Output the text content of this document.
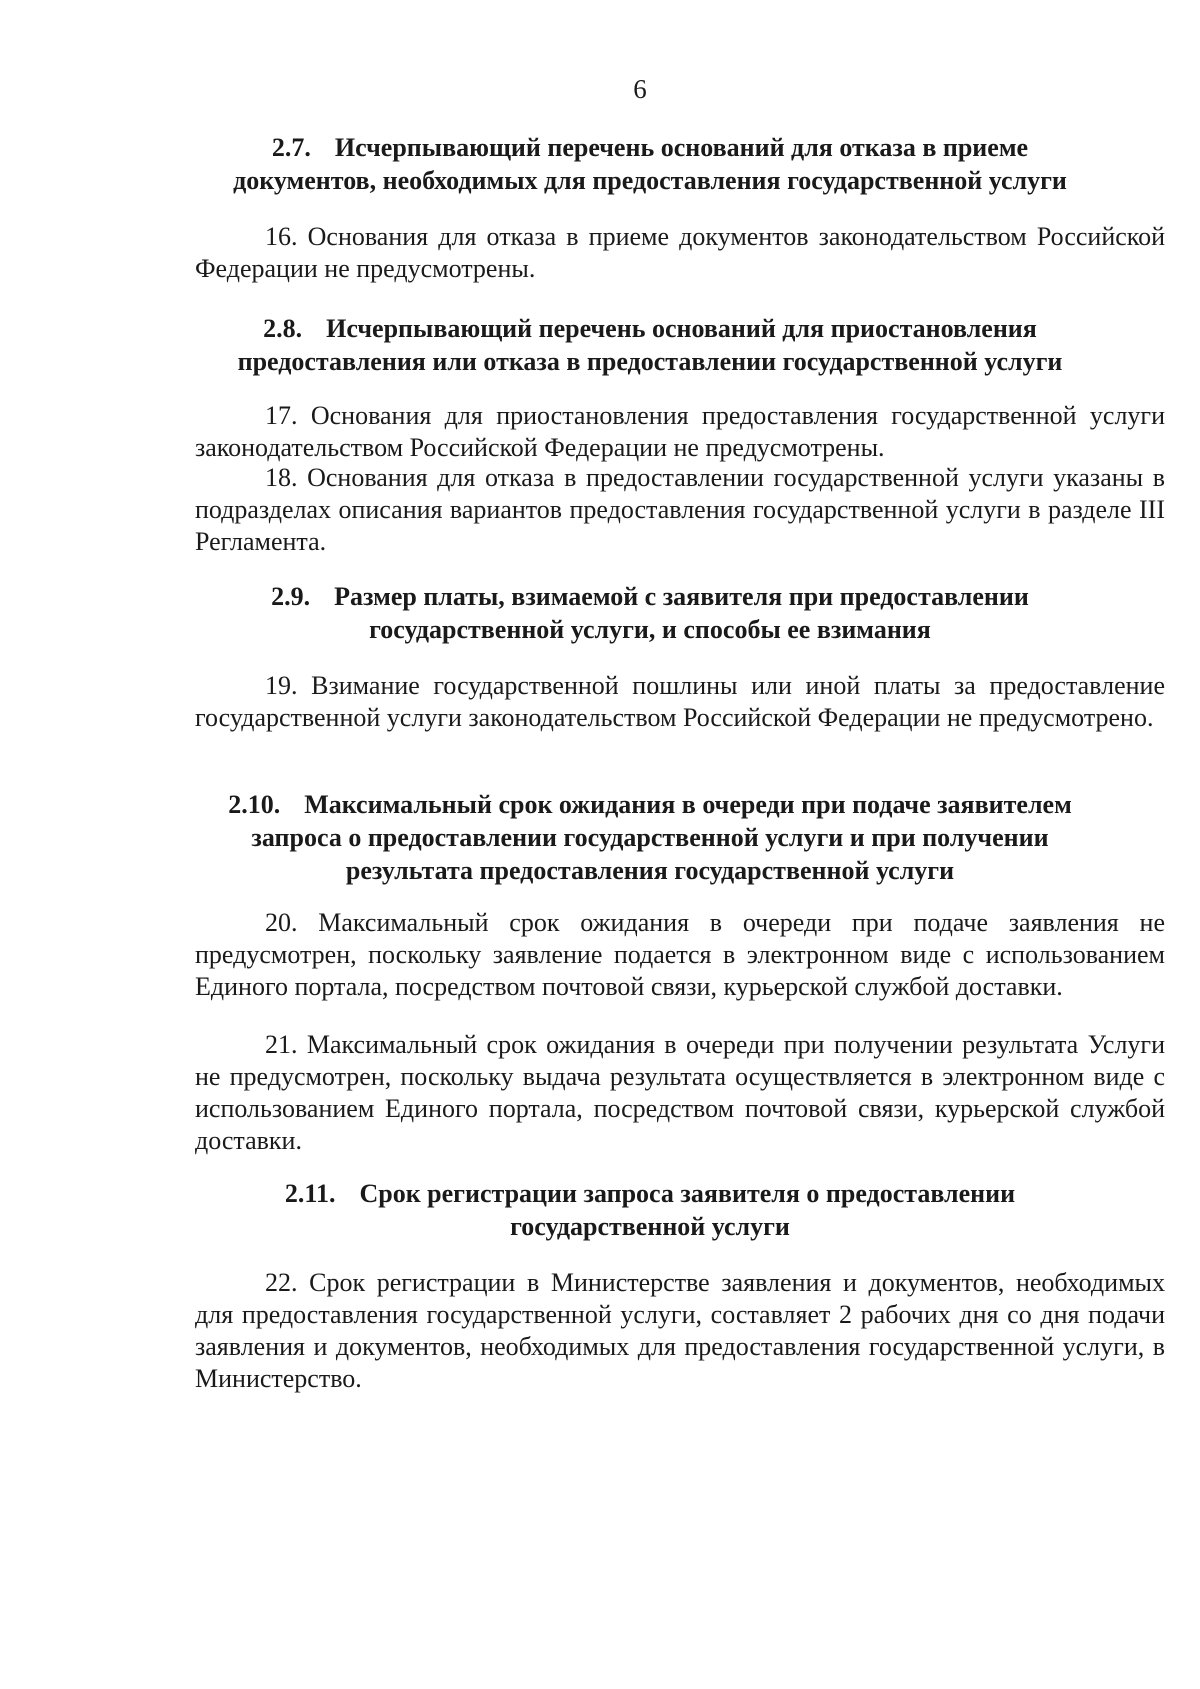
6
2.7. Исчерпывающий перечень оснований для отказа в приеме
документов, необходимых для предоставления государственной услуги

16. Основания для отказа в приеме документов законодательством Российской Федерации не предусмотрены.

2.8. Исчерпывающий перечень оснований для приостановления
предоставления или отказа в предоставлении государственной услуги

17. Основания для приостановления предоставления государственной услуги законодательством Российской Федерации не предусмотрены.

18. Основания для отказа в предоставлении государственной услуги указаны в подразделах описания вариантов предоставления государственной услуги в разделе III Регламента.

2.9. Размер платы, взимаемой с заявителя при предоставлении
государственной услуги, и способы ее взимания

19. Взимание государственной пошлины или иной платы за предоставление государственной услуги законодательством Российской Федерации не предусмотрено.

2.10. Максимальный срок ожидания в очереди при подаче заявителем
запроса о предоставлении государственной услуги и при получении
результата предоставления государственной услуги

20. Максимальный срок ожидания в очереди при подаче заявления не предусмотрен, поскольку заявление подается в электронном виде с использованием Единого портала, посредством почтовой связи, курьерской службой доставки.

21. Максимальный срок ожидания в очереди при получении результата Услуги не предусмотрен, поскольку выдача результата осуществляется в электронном виде с использованием Единого портала, посредством почтовой связи, курьерской службой доставки.

2.11. Срок регистрации запроса заявителя о предоставлении
государственной услуги

22. Срок регистрации в Министерстве заявления и документов, необходимых для предоставления государственной услуги, составляет 2 рабочих дня со дня подачи заявления и документов, необходимых для предоставления государственной услуги, в Министерство.
